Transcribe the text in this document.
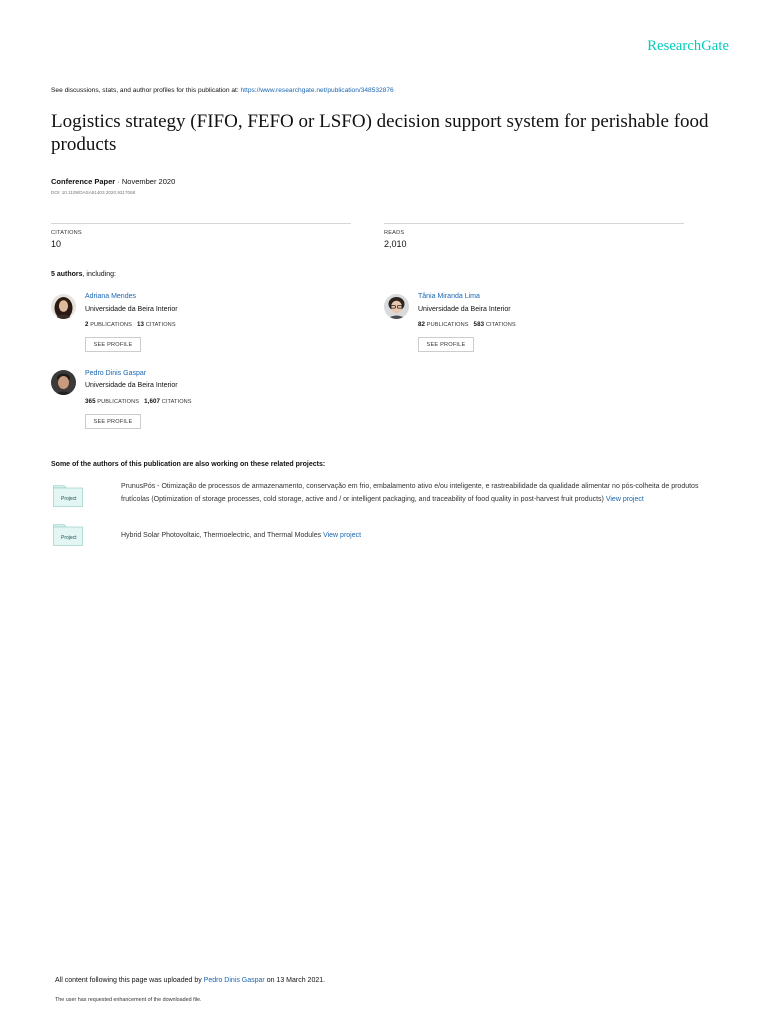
ResearchGate
See discussions, stats, and author profiles for this publication at: https://www.researchgate.net/publication/348532876
Logistics strategy (FIFO, FEFO or LSFO) decision support system for perishable food products
Conference Paper · November 2020
DOI: 10.1109/DASA51403.2020.9317068
CITATIONS
10
READS
2,010
5 authors, including:
Adriana Mendes
Universidade da Beira Interior
2 PUBLICATIONS 13 CITATIONS
SEE PROFILE
Tânia Miranda Lima
Universidade da Beira Interior
82 PUBLICATIONS 583 CITATIONS
SEE PROFILE
Pedro Dinis Gaspar
Universidade da Beira Interior
365 PUBLICATIONS 1,607 CITATIONS
SEE PROFILE
Some of the authors of this publication are also working on these related projects:
Project
PrunusPós - Otimização de processos de armazenamento, conservação em frio, embalamento ativo e/ou inteligente, e rastreabilidade da qualidade alimentar no pós-colheita de produtos frutícolas (Optimization of storage processes, cold storage, active and / or intelligent packaging, and traceability of food quality in post-harvest fruit products) View project
Project	Hybrid Solar Photovoltaic, Thermoelectric, and Thermal Modules View project
All content following this page was uploaded by Pedro Dinis Gaspar on 13 March 2021.
The user has requested enhancement of the downloaded file.
